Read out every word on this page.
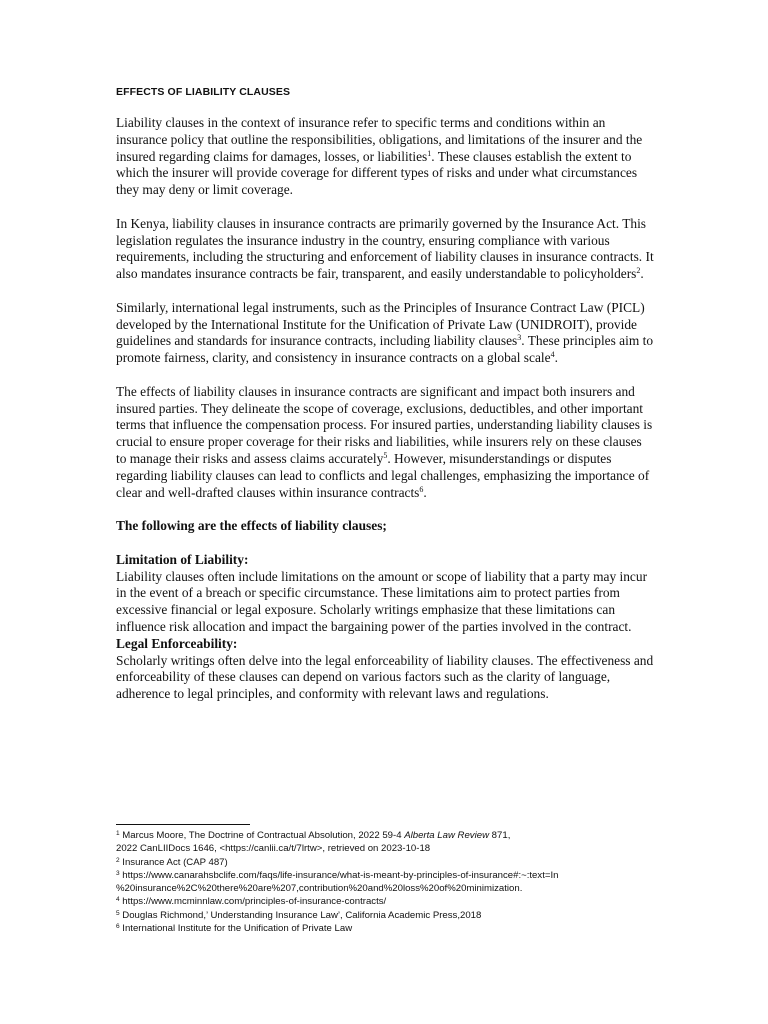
EFFECTS OF LIABILITY CLAUSES

Liability clauses in the context of insurance refer to specific terms and conditions within an insurance policy that outline the responsibilities, obligations, and limitations of the insurer and the insured regarding claims for damages, losses, or liabilities$^1$. These clauses establish the extent to which the insurer will provide coverage for different types of risks and under what circumstances they may deny or limit coverage.

In Kenya, liability clauses in insurance contracts are primarily governed by the Insurance Act. This legislation regulates the insurance industry in the country, ensuring compliance with various requirements, including the structuring and enforcement of liability clauses in insurance contracts. It also mandates insurance contracts be fair, transparent, and easily understandable to policyholders$^2$.

Similarly, international legal instruments, such as the Principles of Insurance Contract Law (PICL) developed by the International Institute for the Unification of Private Law (UNIDROIT), provide guidelines and standards for insurance contracts, including liability clauses$^3$. These principles aim to promote fairness, clarity, and consistency in insurance contracts on a global scale$^4$.

The effects of liability clauses in insurance contracts are significant and impact both insurers and insured parties. They delineate the scope of coverage, exclusions, deductibles, and other important terms that influence the compensation process. For insured parties, understanding liability clauses is crucial to ensure proper coverage for their risks and liabilities, while insurers rely on these clauses to manage their risks and assess claims accurately$^5$. However, misunderstandings or disputes regarding liability clauses can lead to conflicts and legal challenges, emphasizing the importance of clear and well-drafted clauses within insurance contracts$^6$.

The following are the effects of liability clauses;
Limitation of Liability:

Liability clauses often include limitations on the amount or scope of liability that a party may incur in the event of a breach or specific circumstance. These limitations aim to protect parties from excessive financial or legal exposure. Scholarly writings emphasize that these limitations can influence risk allocation and impact the bargaining power of the parties involved in the contract.

Legal Enforceability:

Scholarly writings often delve into the legal enforceability of liability clauses. The effectiveness and enforceability of these clauses can depend on various factors such as the clarity of language, adherence to legal principles, and conformity with relevant laws and regulations.

$^1$ Marcus Moore, The Doctrine of Contractual Absolution, 2022 59-4 Alberta Law Review 871,
2022 CanLIIDocs 1646, <https://canlii.ca/t/7lrtw>, retrieved on 2023-10-18
$^2$ Insurance Act (CAP 487)
$^3$ https://www.canarahsbclife.com/faqs/life-insurance/what-is-meant-by-principles-of-insurance#:~:text=In
%20insurance%2C%20there%20are%207,contribution%20and%20loss%20of%20minimization.
$^4$ https://www.mcminnlaw.com/principles-of-insurance-contracts/
$^5$ Douglas Richmond,’ Understanding Insurance Law’, California Academic Press,2018
$^6$ International Institute for the Unification of Private Law
